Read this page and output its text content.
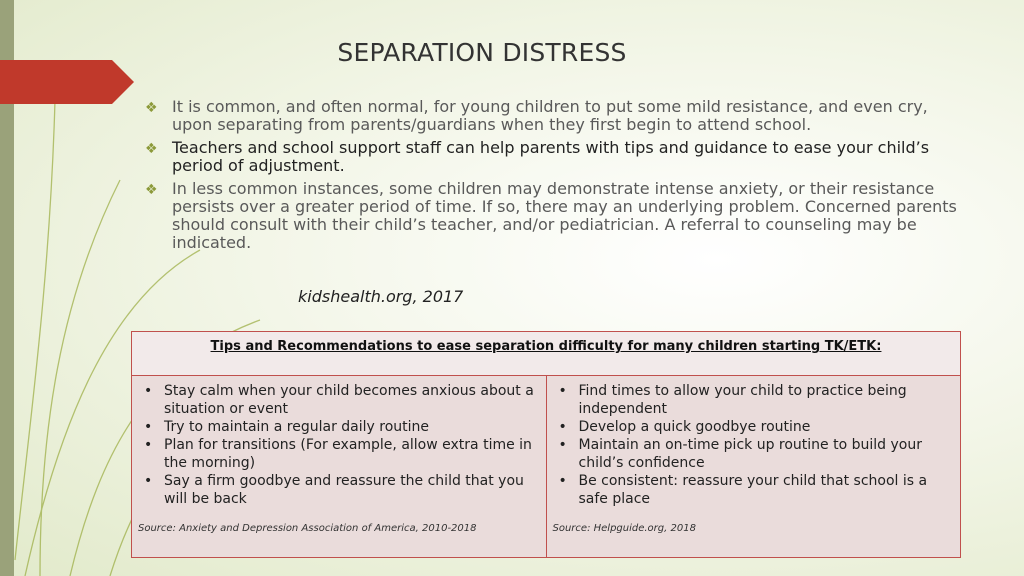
SEPARATION DISTRESS
❖ It is common, and often normal, for young children to put some mild resistance, and even cry, upon separating from parents/guardians when they first begin to attend school.
❖ Teachers and school support staff can help parents with tips and guidance to ease your child’s period of adjustment.
❖ In less common instances, some children may demonstrate intense anxiety, or their resistance persists over a greater period of time. If so, there may an underlying problem. Concerned parents should consult with their child’s teacher, and/or pediatrician. A referral to counseling may be indicated.
kidshealth.org, 2017
Tips and Recommendations to ease separation difficulty for many children starting TK/ETK:
• Stay calm when your child becomes anxious about a situation or event
• Try to maintain a regular daily routine
• Plan for transitions (For example, allow extra time in the morning)
• Say a firm goodbye and reassure the child that you will be back
Source: Anxiety and Depression Association of America, 2010-2018
• Find times to allow your child to practice being independent
• Develop a quick goodbye routine
• Maintain an on-time pick up routine to build your child’s confidence
• Be consistent: reassure your child that school is a safe place
Source: Helpguide.org, 2018
